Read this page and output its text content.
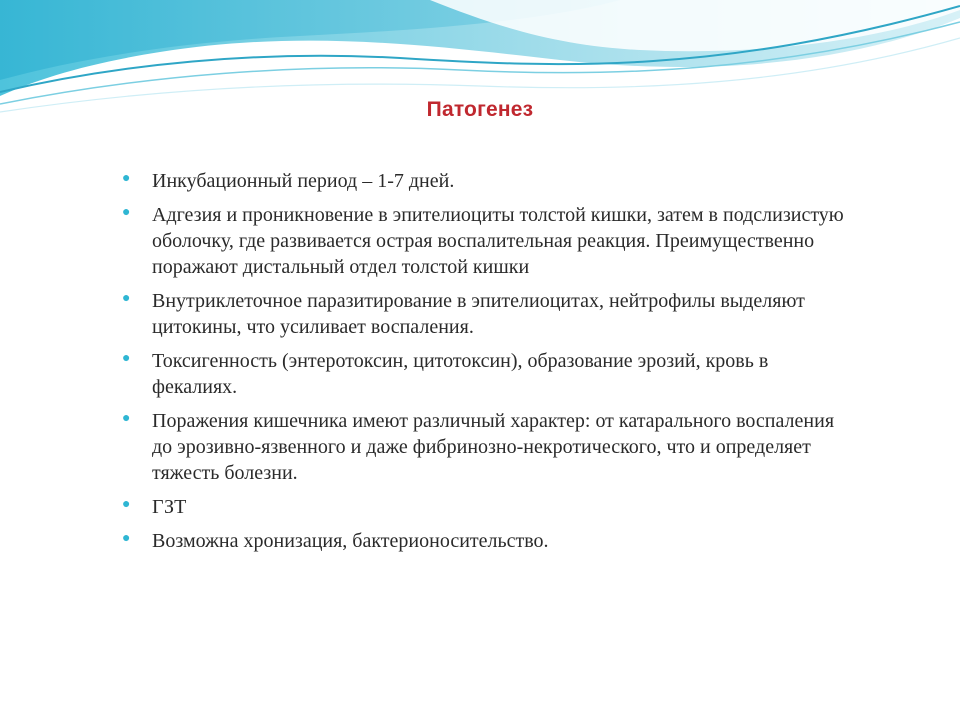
Патогенез
● Инкубационный период – 1-7 дней.
● Адгезия и проникновение в эпителиоциты толстой кишки, затем в подслизистую оболочку, где развивается острая воспалительная реакция. Преимущественно поражают дистальный отдел толстой кишки
● Внутриклеточное паразитирование в эпителиоцитах, нейтрофилы выделяют цитокины, что усиливает воспаления.
● Токсигенность (энтеротоксин, цитотоксин), образование эрозий, кровь в фекалиях.
● Поражения кишечника имеют различный характер: от катарального воспаления до эрозивно-язвенного и даже фибринозно-некротического, что и определяет тяжесть болезни.
● ГЗТ
● Возможна хронизация, бактерионосительство.
